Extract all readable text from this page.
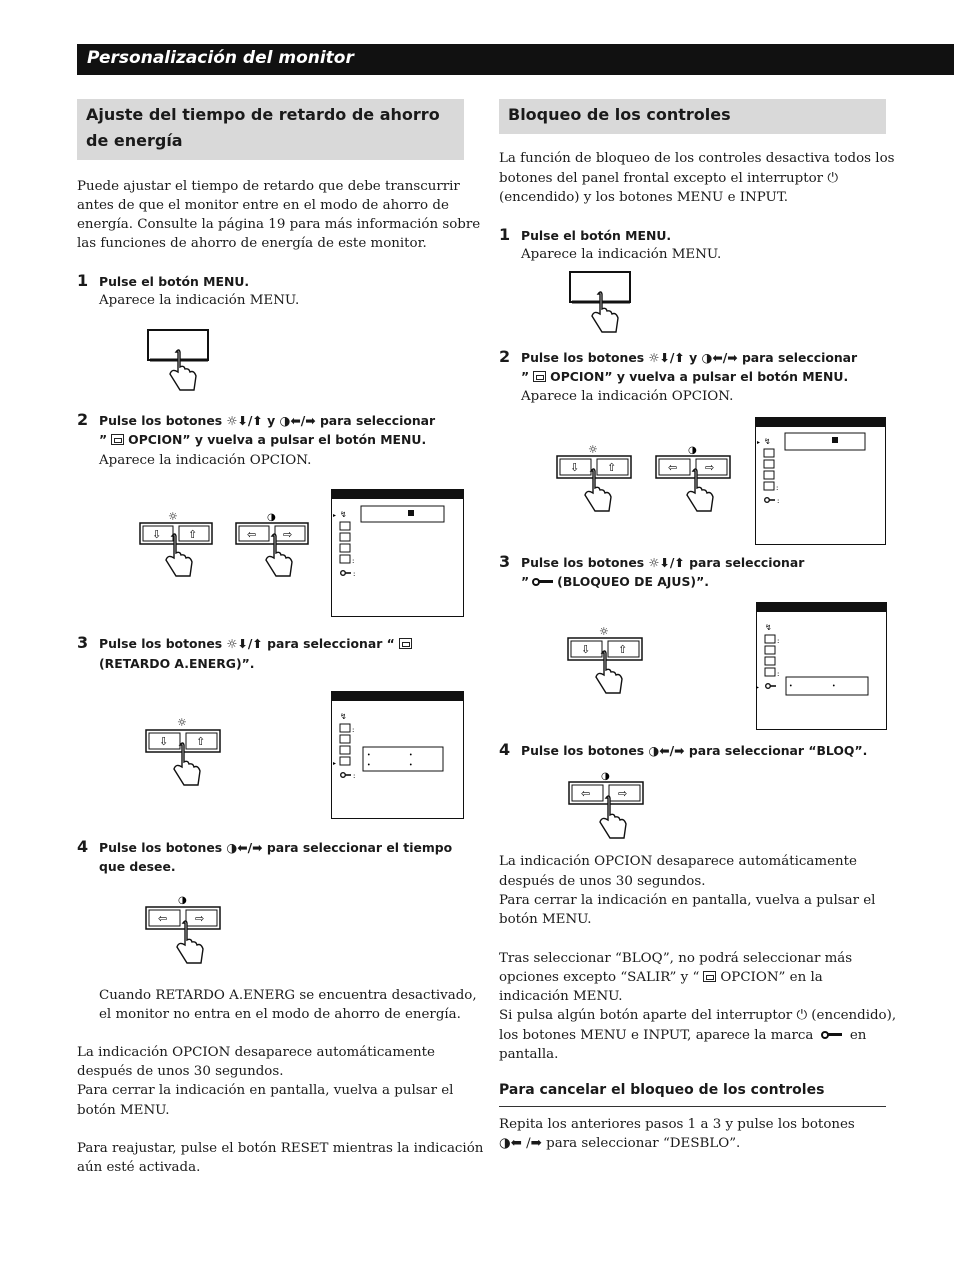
Personalización del monitor
Ajuste del tiempo de retardo de ahorro de energía
Puede ajustar el tiempo de retardo que debe transcurrir
antes de que el monitor entre en el modo de ahorro de
energía. Consulte la página 19 para más información sobre
las funciones de ahorro de energía de este monitor.
1 Pulse el botón MENU.
Aparece la indicación MENU.
2 Pulse los botones ☼⬇/⬆ y ◑⬅/➡ para seleccionar
” OPCION” y vuelva a pulsar el botón MENU.
Aparece la indicación OPCION.
☼
⇩ ⇧
◑
⇦ ⇨
▸ ↯
:
:
3 Pulse los botones ☼⬇/⬆ para seleccionar “
(RETARDO A.ENERG)”.
☼
⇩	⇧
↯
:
▸
•	•
•	•
:
4 Pulse los botones ◑⬅/➡ para seleccionar el tiempo
que desee.
◑
⇦	⇨
Cuando RETARDO A.ENERG se encuentra desactivado,
el monitor no entra en el modo de ahorro de energía.
La indicación OPCION desaparece automáticamente
después de unos 30 segundos.
Para cerrar la indicación en pantalla, vuelva a pulsar el
botón MENU.
Para reajustar, pulse el botón RESET mientras la indicación
aún esté activada.
Bloqueo de los controles
La función de bloqueo de los controles desactiva todos los
botones del panel frontal excepto el interruptor ⏻
(encendido) y los botones MENU e INPUT.
1 Pulse el botón MENU.
Aparece la indicación MENU.
2 Pulse los botones ☼⬇/⬆ y ◑⬅/➡ para seleccionar
” OPCION” y vuelva a pulsar el botón MENU.
Aparece la indicación OPCION.
☼
⇩	⇧
◑
⇦	⇨
▸ ↯
:
:
3 Pulse los botones ☼⬇/⬆ para seleccionar
” (BLOQUEO DE AJUS)”.
☼
⇩	⇧
↯
:
:
▸	•	•
4 Pulse los botones ◑⬅/➡ para seleccionar “BLOQ”.
◑
⇦	⇨
La indicación OPCION desaparece automáticamente
después de unos 30 segundos.
Para cerrar la indicación en pantalla, vuelva a pulsar el
botón MENU.
Tras seleccionar “BLOQ”, no podrá seleccionar más
opciones excepto “SALIR” y “ OPCION” en la
indicación MENU.
Si pulsa algún botón aparte del interruptor ⏻ (encendido),
los botones MENU e INPUT, aparece la marca	en
pantalla.
Para cancelar el bloqueo de los controles
Repita los anteriores pasos 1 a 3 y pulse los botones
◑⬅ /➡ para seleccionar “DESBLO”.
